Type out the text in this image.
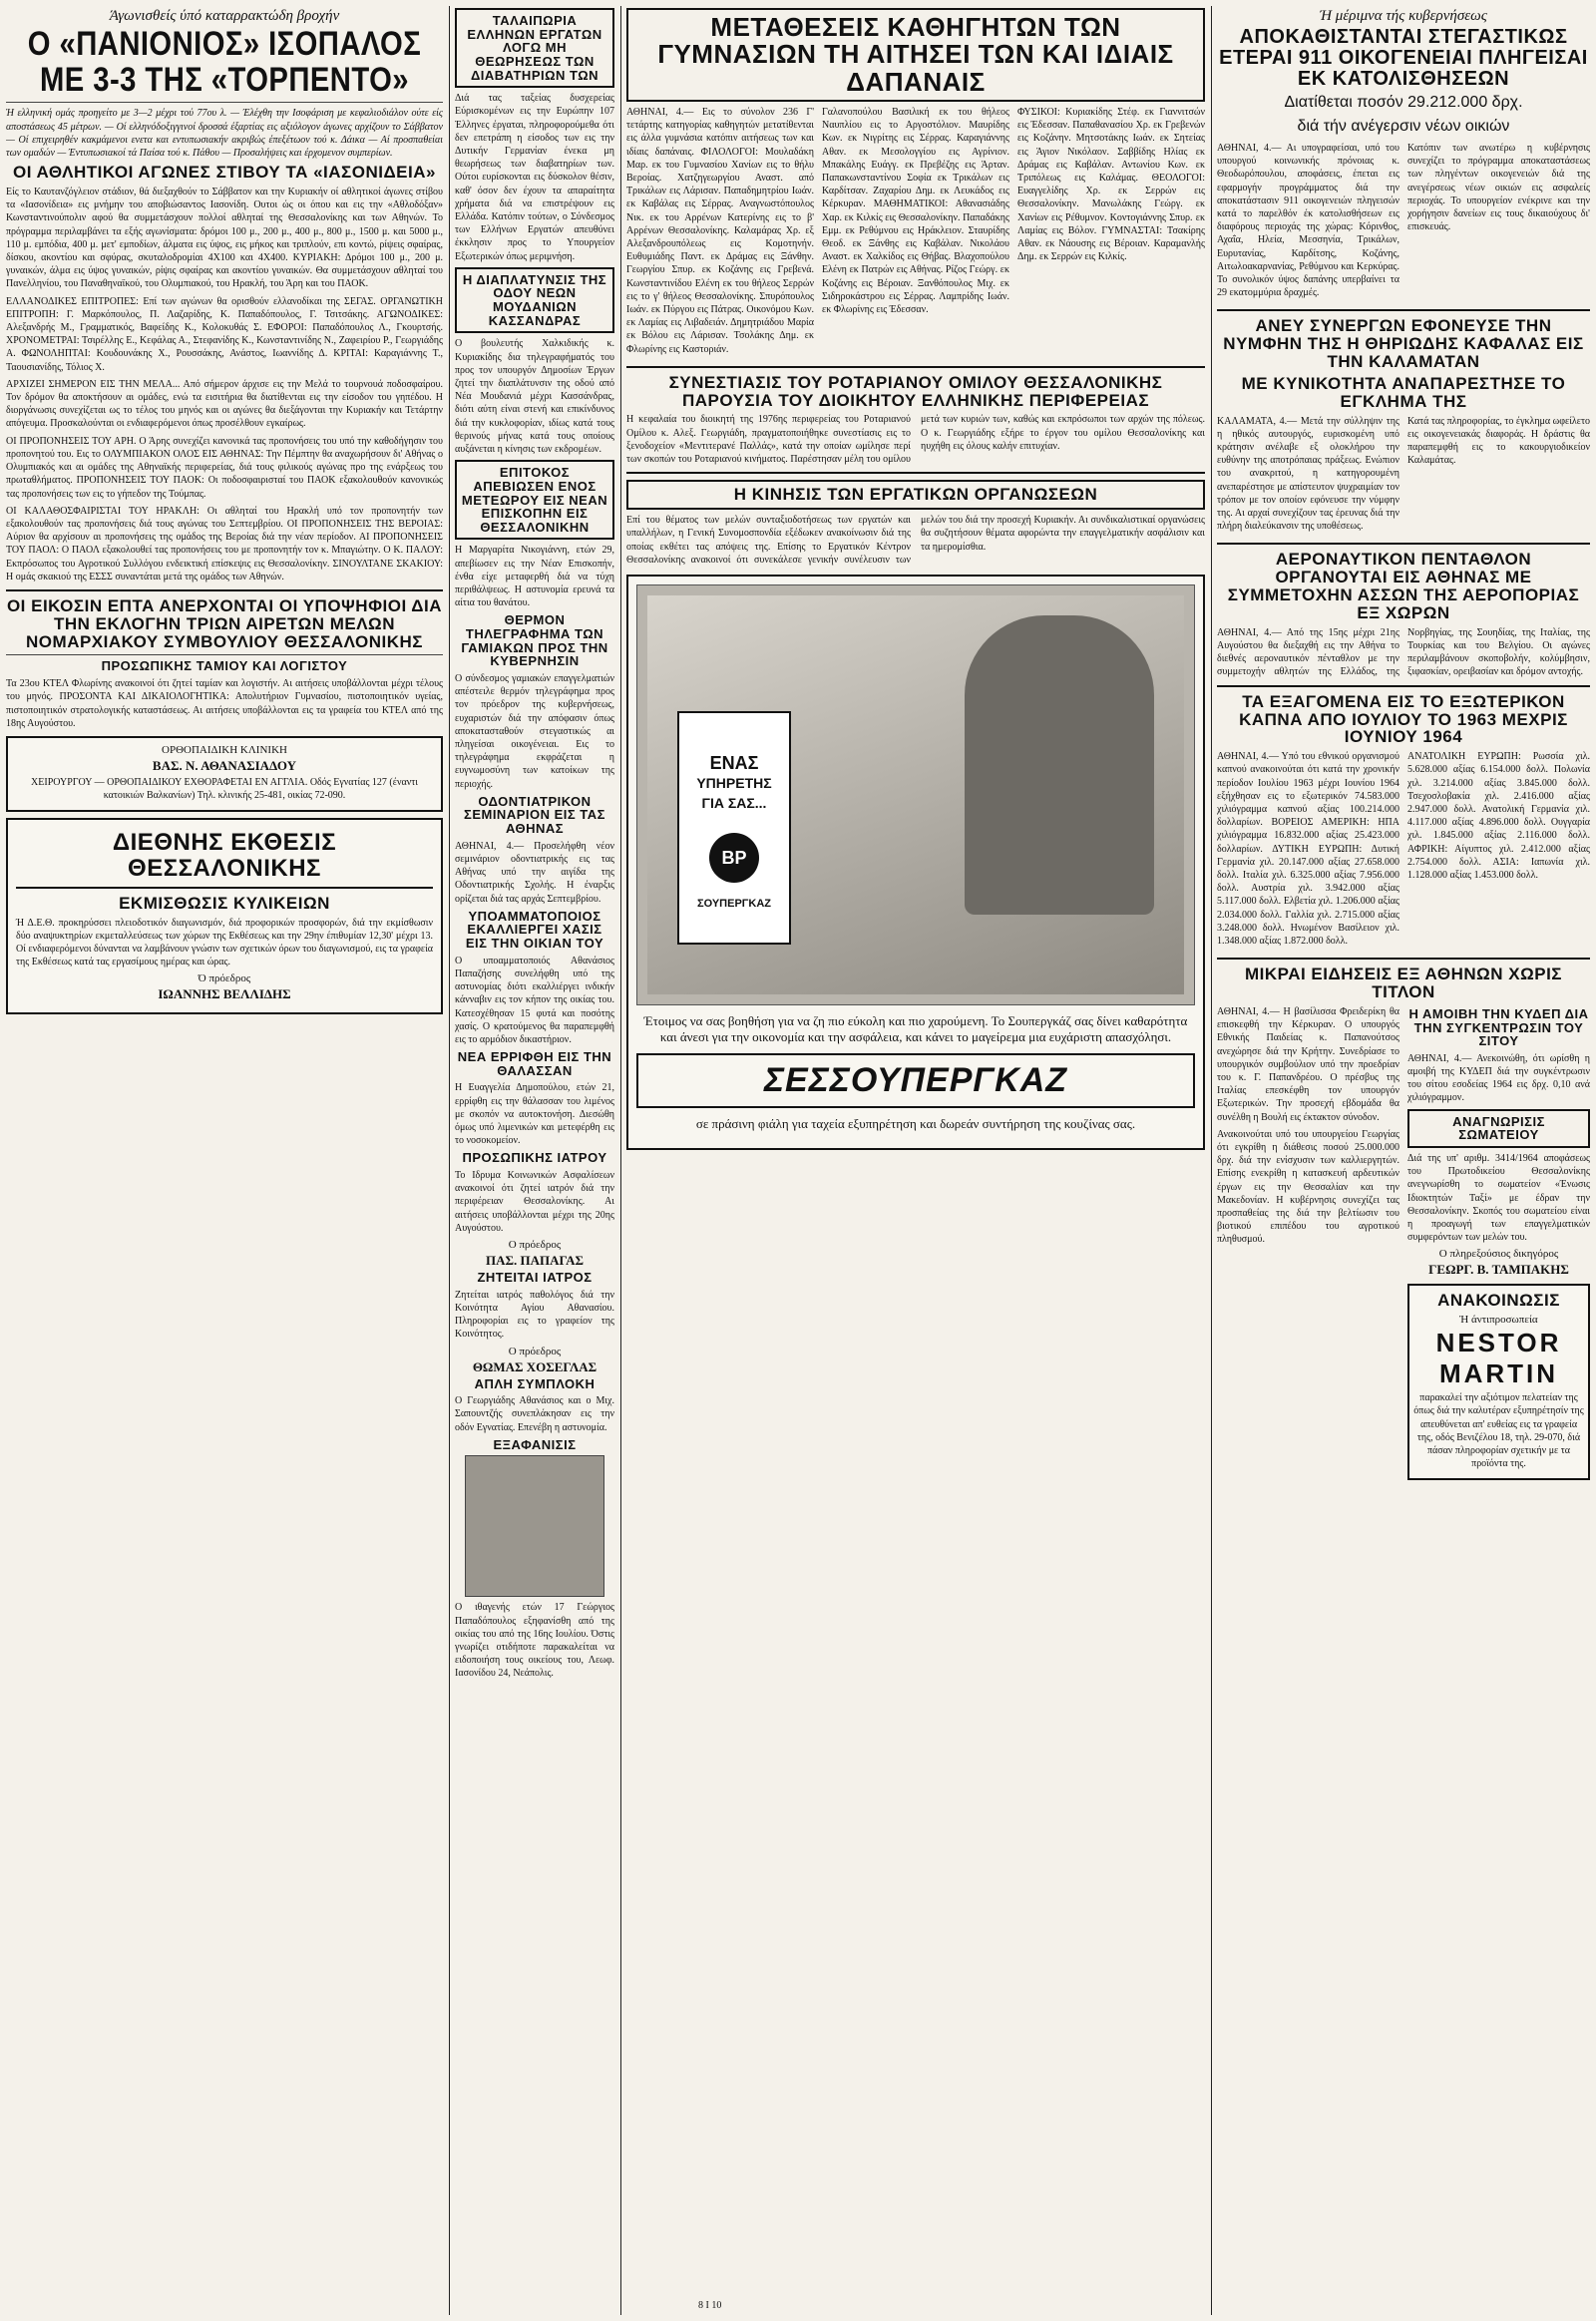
Άγωνισθείς ύπό καταρρακτώδη βροχήν
Ο «ΠΑΝΙΟΝΙΟΣ» ΙΣΟΠΑΛΟΣ ΜΕ 3-3 ΤΗΣ «ΤΟΡΠΕΝΤΟ»

Ή ελληνική ομάς προηγείτο με 3—2 μέχρι τού 77ου λ. — Έλέχθη την Ισοφάριση με κεφαλιοδιάλον ούτε είς αποστάσεως 45 μέτρων. — Οί ελληνόδοξιγγινοί δροσσά έξαρτίας εις αξιόλογον άγωνες αρχίζουν το Σάββατον — Οί επιχειρηθέν κακμάμενοι ενετα και εντυπωσιακήν ακριβώς έπεξέτωον τού κ. Δάικα — Αί προσπαθείαι των ομαδών — Έντυπωσιακοί τά Παίσα τού κ. Πάθου — Προσαλήψεις και έρχομενον συμπερίων.

ΟΙ ΑΘΛΗΤΙΚΟΙ ΑΓΩΝΕΣ ΣΤΙΒΟΥ ΤΑ «ΙΑΣΟΝΙΔΕΙΑ»

Είς το Καυτανζόγλειον στάδιον, θά διεξαχθούν το Σάββατον και την Κυριακήν οί αθλητικοί άγωνες στίβου τα «Ιασονίδεια» εις μνήμην του αποβιώσαντος Ιασονίδη. Ουτοι ώς οι όπου και εις την «Αθλοδόξαν» Κωνσταντινούπολιν αφού θα συμμετάσχουν πολλοί αθληταί της Θεσσαλονίκης και των Αθηνών. Το πρόγραμμα περιλαμβάνει τα εξής αγωνίσματα: δρόμοι 100 μ., 200 μ., 400 μ., 800 μ., 1500 μ. και 5000 μ., 110 μ. εμπόδια, 400 μ. μετ' εμποδίων, άλματα εις ύψος, εις μήκος και τριπλούν, επι κοντώ, ρίψεις σφαίρας, δίσκου, ακοντίου και σφύρας, σκυταλοδρομίαι 4Χ100 και 4Χ400. ΚΥΡΙΑΚΗ: Δρόμοι 100 μ., 200 μ. γυναικών, άλμα εις ύψος γυναικών, ρίψις σφαίρας και ακοντίου γυναικών. Θα συμμετάσχουν αθληταί του Πανελληνίου, του Παναθηναϊκού, του Ολυμπιακού, του Ηρακλή, του Άρη και του ΠΑΟΚ.

ΕΛΛΑΝΟΔΙΚΕΣ ΕΠΙΤΡΟΠΕΣ: Επί των αγώνων θα ορισθούν ελλανοδίκαι της ΣΕΓΑΣ. ΟΡΓΑΝΩΤΙΚΗ ΕΠΙΤΡΟΠΗ: Γ. Μαρκόπουλος, Π. Λαζαρίδης, Κ. Παπαδόπουλος, Γ. Τσιτσάκης. ΑΓΩΝΟΔΙΚΕΣ: Αλεξανδρής Μ., Γραμματικός, Βαφείδης Κ., Κολοκυθάς Σ. ΕΦΟΡΟΙ: Παπαδόπουλος Λ., Γκουρτσής. ΧΡΟΝΟΜΕΤΡΑΙ: Τσιρέλλης Ε., Κεφάλας Α., Στεφανίδης Κ., Κωνσταντινίδης Ν., Ζαφειρίου Ρ., Γεωργιάδης Α. ΦΩΝΟΛΗΠΤΑΙ: Κουδουνάκης Χ., Ρουσσάκης, Ανάστος, Ιωαννίδης Δ. ΚΡΙΤΑΙ: Καραγιάννης Τ., Ταουσιανίδης, Τόλιος Χ.

ΑΡΧΙΖΕΙ ΣΗΜΕΡΟΝ ΕΙΣ ΤΗΝ ΜΕΛΑ... Από σήμερον άρχισε εις την Μελά το τουρνουά ποδοσφαίρου. Τον δρόμον θα αποκτήσουν αι ομάδες, ενώ τα εισιτήρια θα διατίθενται εις την είσοδον του γηπέδου. Η διοργάνωσις συνεχίζεται ως το τέλος του μηνός και οι αγώνες θα διεξάγονται την Κυριακήν και Τετάρτην απόγευμα. Προσκαλούνται οι ενδιαφερόμενοι όπως προσέλθουν εγκαίρως.

ΟΙ ΠΡΟΠΟΝΗΣΕΙΣ ΤΟΥ ΑΡΗ. Ο Άρης συνεχίζει κανονικά τας προπονήσεις του υπό την καθοδήγησιν του προπονητού του. Εις το ΟΛΥΜΠΙΑΚΟΝ ΟΛΟΣ ΕΙΣ ΑΘΗΝΑΣ: Την Πέμπτην θα αναχωρήσουν δι' Αθήνας ο Ολυμπιακός και αι ομάδες της Αθηναϊκής περιφερείας, διά τους φιλικούς αγώνας προ της ενάρξεως του πρωταθλήματος. ΠΡΟΠΟΝΗΣΕΙΣ ΤΟΥ ΠΑΟΚ: Οι ποδοσφαιρισταί του ΠΑΟΚ εξακολουθούν κανονικώς τας προπονήσεις των εις το γήπεδον της Τούμπας.

ΟΙ ΚΑΛΑΘΟΣΦΑΙΡΙΣΤΑΙ ΤΟΥ ΗΡΑΚΛΗ: Οι αθληταί του Ηρακλή υπό τον προπονητήν των εξακολουθούν τας προπονήσεις διά τους αγώνας του Σεπτεμβρίου. ΟΙ ΠΡΟΠΟΝΗΣΕΙΣ ΤΗΣ ΒΕΡΟΙΑΣ: Αύριον θα αρχίσουν αι προπονήσεις της ομάδος της Βεροίας διά την νέαν περίοδον. ΑΙ ΠΡΟΠΟΝΗΣΕΙΣ ΤΟΥ ΠΑΟΛ: Ο ΠΑΟΛ εξακολουθεί τας προπονήσεις του με προπονητήν τον κ. Μπαγιώτην. Ο Κ. ΠΑΛΟΥ: Εκπρόσωπος του Αγροτικού Συλλόγου ενδεικτική επίσκεψις εις Θεσσαλονίκην. ΣΙΝΟΥΛΤΑΝΕ ΣΚΑΚΙΟΥ: Η ομάς σκακιού της ΕΣΣΣ συναντάται μετά της ομάδος των Αθηνών.

ΟΙ ΕΙΚΟΣΙΝ ΕΠΤΑ ΑΝΕΡΧΟΝΤΑΙ ΟΙ ΥΠΟΨΗΦΙΟΙ ΔΙΑ ΤΗΝ ΕΚΛΟΓΗΝ ΤΡΙΩΝ ΑΙΡΕΤΩΝ ΜΕΛΩΝ ΝΟΜΑΡΧΙΑΚΟΥ ΣΥΜΒΟΥΛΙΟΥ ΘΕΣΣΑΛΟΝΙΚΗΣ
ΠΡΟΣΩΠΙΚΗΣ ΤΑΜΙΟΥ ΚΑΙ ΛΟΓΙΣΤΟΥ

Τα 23ου ΚΤΕΛ Φλωρίνης ανακοινοί ότι ζητεί ταμίαν και λογιστήν. Αι αιτήσεις υποβάλλονται μέχρι τέλους του μηνός. ΠΡΟΣΟΝΤΑ ΚΑΙ ΔΙΚΑΙΟΛΟΓΗΤΙΚΑ: Απολυτήριον Γυμνασίου, πιστοποιητικόν υγείας, πιστοποιητικόν στρατολογικής καταστάσεως. Αι αιτήσεις υποβάλλονται εις τα γραφεία του ΚΤΕΛ από της 18ης Αυγούστου.

ΟΡΘΟΠΑΙΔΙΚΗ ΚΛΙΝΙΚΗ
ΒΑΣ. Ν. ΑΘΑΝΑΣΙΑΔΟΥ

ΧΕΙΡΟΥΡΓΟΥ — ΟΡΘΟΠΑΙΔΙΚΟΥ ΕΧΘΟΡΑΦΕΤΑΙ ΕΝ ΑΓΓΛΙΑ. Οδός Εγνατίας 127 (έναντι κατοικιών Βαλκανίων) Τηλ. κλινικής 25-481, οικίας 72-090.

ΔΙΕΘΝΗΣ ΕΚΘΕΣΙΣ ΘΕΣΣΑΛΟΝΙΚΗΣ
ΕΚΜΙΣΘΩΣΙΣ ΚΥΛΙΚΕΙΩΝ

Ή Δ.Ε.Θ. προκηρύσσει πλειοδοτικόν διαγωνισμόν, διά προφορικών προσφορών, διά την εκμίσθωσιν δύο αναψυκτηρίων εκμεταλλεύσεως των χώρων της Εκθέσεως και την 29ην έπιθυμίαν 12,30' μέχρι 13. Οί ενδιαφερόμενοι δύνανται να λαμβάνουν γνώσιν των σχετικών όρων του διαγωνισμού, εις τα γραφεία της Εκθέσεως κατά τας εργασίμους ημέρας και ώρας.

Ό πρόεδρος
ΙΩΑΝΝΗΣ ΒΕΛΛΙΔΗΣ
ΤΑΛΑΙΠΩΡΙΑ ΕΛΛΗΝΩΝ ΕΡΓΑΤΩΝ ΛΟΓΩ ΜΗ ΘΕΩΡΗΣΕΩΣ ΤΩΝ ΔΙΑΒΑΤΗΡΙΩΝ ΤΩΝ

Διά τας ταξείας δυσχερείας Εύρισκομένων εις την Ευρώπην 107 Έλληνες έργαται, πληροφορούμεθα ότι δεν επετράπη η είσοδος των εις την Δυτικήν Γερμανίαν ένεκα μη θεωρήσεως των διαβατηρίων των. Ούτοι ευρίσκονται εις δύσκολον θέσιν, καθ' όσον δεν έχουν τα απαραίτητα χρήματα διά να επιστρέψουν εις Ελλάδα. Κατόπιν τούτων, ο Σύνδεσμος των Ελλήνων Εργατών απευθύνει έκκλησιν προς το Υπουργείον Εξωτερικών όπως μεριμνήση.

Η ΔΙΑΠΛΑΤΥΝΣΙΣ ΤΗΣ ΟΔΟΥ ΝΕΩΝ ΜΟΥΔΑΝΙΩΝ ΚΑΣΣΑΝΔΡΑΣ

Ο βουλευτής Χαλκιδικής κ. Κυριακίδης δια τηλεγραφήματός του προς τον υπουργόν Δημοσίων Έργων ζητεί την διαπλάτυνσιν της οδού από Νέα Μουδανιά μέχρι Κασσάνδρας, διότι αύτη είναι στενή και επικίνδυνος διά την κυκλοφορίαν, ιδίως κατά τους θερινούς μήνας κατά τους οποίους αυξάνεται η κίνησις των εκδρομέων.

ΕΠΙΤΟΚΟΣ ΑΠΕΒΙΩΣΕΝ ΕΝΟΣ ΜΕΤΕΩΡΟΥ ΕΙΣ ΝΕΑΝ ΕΠΙΣΚΟΠΗΝ ΕΙΣ ΘΕΣΣΑΛΟΝΙΚΗΝ

Η Μαργαρίτα Νικογιάννη, ετών 29, απεβίωσεν εις την Νέαν Επισκοπήν, ένθα είχε μεταφερθή διά να τύχη περιθάλψεως. Η αστυνομία ερευνά τα αίτια του θανάτου.

ΘΕΡΜΟΝ ΤΗΛΕΓΡΑΦΗΜΑ ΤΩΝ ΓΑΜΙΑΚΩΝ ΠΡΟΣ ΤΗΝ ΚΥΒΕΡΝΗΣΙΝ

Ο σύνδεσμος γαμιακών επαγγελματιών απέστειλε θερμόν τηλεγράφημα προς τον πρόεδρον της κυβερνήσεως, ευχαριστών διά την απόφασιν όπως αποκατασταθούν στεγαστικώς αι πληγείσαι οικογένειαι. Εις το τηλεγράφημα εκφράζεται η ευγνωμοσύνη των κατοίκων της περιοχής.

ΟΔΟΝΤΙΑΤΡΙΚΟΝ ΣΕΜΙΝΑΡΙΟΝ ΕΙΣ ΤΑΣ ΑΘΗΝΑΣ

ΑΘΗΝΑΙ, 4.— Προσελήφθη νέον σεμινάριον οδοντιατρικής εις τας Αθήνας υπό την αιγίδα της Οδοντιατρικής Σχολής. Η έναρξις ορίζεται διά τας αρχάς Σεπτεμβρίου.

ΥΠΟΑΜΜΑΤΟΠΟΙΟΣ ΕΚΑΛΛΙΕΡΓΕΙ ΧΑΣΙΣ ΕΙΣ ΤΗΝ ΟΙΚΙΑΝ ΤΟΥ

Ο υποαμματοποιός Αθανάσιος Παπαζήσης συνελήφθη υπό της αστυνομίας διότι εκαλλιέργει ινδικήν κάνναβιν εις τον κήπον της οικίας του. Κατεσχέθησαν 15 φυτά και ποσότης χασίς. Ο κρατούμενος θα παραπεμφθή εις το αρμόδιον δικαστήριον.

ΝΕΑ ΕΡΡΙΦΘΗ ΕΙΣ ΤΗΝ ΘΑΛΑΣΣΑΝ

Η Ευαγγελία Δημοπούλου, ετών 21, ερρίφθη εις την θάλασσαν του λιμένος με σκοπόν να αυτοκτονήση. Διεσώθη όμως υπό λιμενικών και μετεφέρθη εις το νοσοκομείον.

ΠΡΟΣΩΠΙΚΗΣ ΙΑΤΡΟΥ

Το Ιδρυμα Κοινωνικών Ασφαλίσεων ανακοινοί ότι ζητεί ιατρόν διά την περιφέρειαν Θεσσαλονίκης. Αι αιτήσεις υποβάλλονται μέχρι της 20ης Αυγούστου.

Ο πρόεδρος
ΠΑΣ. ΠΑΠΑΓΑΣ
ΖΗΤΕΙΤΑΙ ΙΑΤΡΟΣ

Ζητείται ιατρός παθολόγος διά την Κοινότητα Αγίου Αθανασίου. Πληροφορίαι εις το γραφείον της Κοινότητος.

Ο πρόεδρος
ΘΩΜΑΣ ΧΟΣΕΓΛΑΣ
ΑΠΛΗ ΣΥΜΠΛΟΚΗ

Ο Γεωργιάδης Αθανάσιος και ο Μιχ. Σαπουντζής συνεπλάκησαν εις την οδόν Εγνατίας. Επενέβη η αστυνομία.

ΕΞΑΦΑΝΙΣΙΣ

Ο ιθαγενής ετών 17 Γεώργιος Παπαδόπουλος εξηφανίσθη από της οικίας του από της 16ης Ιουλίου. Όστις γνωρίζει οτιδήποτε παρακαλείται να ειδοποιήση τους οικείους του, Λεωφ. Ιασονίδου 24, Νεάπολις.

ΜΕΤΑΘΕΣΕΙΣ ΚΑΘΗΓΗΤΩΝ ΤΩΝ ΓΥΜΝΑΣΙΩΝ ΤΗ ΑΙΤΗΣΕΙ ΤΩΝ ΚΑΙ ΙΔΙΑΙΣ ΔΑΠΑΝΑΙΣ

ΑΘΗΝΑΙ, 4.— Εις το σύνολον 236 Γ' τετάρτης κατηγορίας καθηγητών μετατίθενται εις άλλα γυμνάσια κατόπιν αιτήσεως των και ιδίαις δαπάναις. ΦΙΛΟΛΟΓΟΙ: Μουλαδάκη Μαρ. εκ του Γυμνασίου Χανίων εις το θήλυ Βεροίας. Χατζηγεωργίου Αναστ. από Τρικάλων εις Λάρισαν. Παπαδημητρίου Ιωάν. εκ Καβάλας εις Σέρρας. Αναγνωστόπουλος Νικ. εκ του Αρρένων Κατερίνης εις το β' Αρρένων Θεσσαλονίκης. Καλαμάρας Χρ. εξ Αλεξανδρουπόλεως εις Κομοτηνήν. Ευθυμιάδης Παντ. εκ Δράμας εις Ξάνθην. Γεωργίου Σπυρ. εκ Κοζάνης εις Γρεβενά. Κωνσταντινίδου Ελένη εκ του θήλεος Σερρών εις το γ' θήλεος Θεσσαλονίκης. Σπυρόπουλος Ιωάν. εκ Πύργου εις Πάτρας. Οικονόμου Κων. εκ Λαμίας εις Λιβαδειάν. Δημητριάδου Μαρία εκ Βόλου εις Λάρισαν. Τσολάκης Δημ. εκ Φλωρίνης εις Καστοριάν.

Γαλανοπούλου Βασιλική εκ του θήλεος Ναυπλίου εις το Αργοστόλιον. Μαυρίδης Κων. εκ Νιγρίτης εις Σέρρας. Καραγιάννης Αθαν. εκ Μεσολογγίου εις Αγρίνιον. Μπακάλης Ευάγγ. εκ Πρεβέζης εις Άρταν. Παπακωνσταντίνου Σοφία εκ Τρικάλων εις Καρδίτσαν. Ζαχαρίου Δημ. εκ Λευκάδος εις Κέρκυραν. ΜΑΘΗΜΑΤΙΚΟΙ: Αθανασιάδης Χαρ. εκ Κιλκίς εις Θεσσαλονίκην. Παπαδάκης Εμμ. εκ Ρεθύμνου εις Ηράκλειον. Σταυρίδης Θεοδ. εκ Ξάνθης εις Καβάλαν. Νικολάου Αναστ. εκ Χαλκίδος εις Θήβας. Βλαχοπούλου Ελένη εκ Πατρών εις Αθήνας. Ρίζος Γεώργ. εκ Κοζάνης εις Βέροιαν. Ξανθόπουλος Μιχ. εκ Σιδηροκάστρου εις Σέρρας. Λαμπρίδης Ιωάν. εκ Φλωρίνης εις Έδεσσαν.

ΦΥΣΙΚΟΙ: Κυριακίδης Στέφ. εκ Γιαννιτσών εις Έδεσσαν. Παπαθανασίου Χρ. εκ Γρεβενών εις Κοζάνην. Μητσοτάκης Ιωάν. εκ Σητείας εις Άγιον Νικόλαον. Σαββίδης Ηλίας εκ Δράμας εις Καβάλαν. Αντωνίου Κων. εκ Τριπόλεως εις Καλάμας. ΘΕΟΛΟΓΟΙ: Ευαγγελίδης Χρ. εκ Σερρών εις Θεσσαλονίκην. Μανωλάκης Γεώργ. εκ Χανίων εις Ρέθυμνον. Κοντογιάννης Σπυρ. εκ Λαμίας εις Βόλον. ΓΥΜΝΑΣΤΑΙ: Τσακίρης Αθαν. εκ Νάουσης εις Βέροιαν. Καραμανλής Δημ. εκ Σερρών εις Κιλκίς.

ΣΥΝΕΣΤΙΑΣΙΣ ΤΟΥ ΡΟΤΑΡΙΑΝΟΥ ΟΜΙΛΟΥ ΘΕΣΣΑΛΟΝΙΚΗΣ ΠΑΡΟΥΣΙΑ ΤΟΥ ΔΙΟΙΚΗΤΟΥ ΕΛΛΗΝΙΚΗΣ ΠΕΡΙΦΕΡΕΙΑΣ

Η κεφαλαία του διοικητή της 1976ης περιφερείας του Ροταριανού Ομίλου κ. Αλεξ. Γεωργιάδη, πραγματοποιήθηκε συνεστίασις εις το ξενοδοχείον «Μεντιτερανέ Παλλάς», κατά την οποίαν ωμίλησε περί των σκοπών του Ροταριανού κινήματος. Παρέστησαν μέλη του ομίλου μετά των κυριών των, καθώς και εκπρόσωποι των αρχών της πόλεως. Ο κ. Γεωργιάδης εξήρε το έργον του ομίλου Θεσσαλονίκης και ηυχήθη εις όλους καλήν επιτυχίαν.

Η ΚΙΝΗΣΙΣ ΤΩΝ ΕΡΓΑΤΙΚΩΝ ΟΡΓΑΝΩΣΕΩΝ

Επί του θέματος των μελών συνταξιοδοτήσεως των εργατών και υπαλλήλων, η Γενική Συνομοσπονδία εξέδωκεν ανακοίνωσιν διά της οποίας εκθέτει τας απόψεις της. Επίσης το Εργατικόν Κέντρον Θεσσαλονίκης ανακοινοί ότι συνεκάλεσε γενικήν συνέλευσιν των μελών του διά την προσεχή Κυριακήν. Αι συνδικαλιστικαί οργανώσεις θα συζητήσουν θέματα αφορώντα την επαγγελματικήν ασφάλισιν και τα ημερομίσθια.

ΕΝΑΣ
ΥΠΗΡΕΤΗΣ
ΓΙΑ ΣΑΣ...
BP
ΣΟΥΠΕΡΓΚΑΖ

Έτοιμος να σας βοηθήση για να ζη πιο εύκολη και πιο χαρούμενη. Το Σουπεργκάζ σας δίνει καθαρότητα και άνεσι για την οικονομία και την ασφάλεια, και κάνει το μαγείρεμα μια ευχάριστη απασχόλησι.

ΣΕΣΣΟΥΠΕΡΓΚΑΖ

σε πράσινη φιάλη για ταχεία εξυπηρέτηση και δωρεάν συντήρηση της κουζίνας σας.

Ή μέριμνα τής κυβερνήσεως
ΑΠΟΚΑΘΙΣΤΑΝΤΑΙ ΣΤΕΓΑΣΤΙΚΩΣ ΕΤΕΡΑΙ 911 ΟΙΚΟΓΕΝΕΙΑΙ ΠΛΗΓΕΙΣΑΙ ΕΚ ΚΑΤΟΛΙΣΘΗΣΕΩΝ
Διατίθεται ποσόν 29.212.000 δρχ.
διά τήν ανέγερσιν νέων οικιών

ΑΘΗΝΑΙ, 4.— Αι υπογραφείσαι, υπό του υπουργού κοινωνικής πρόνοιας κ. Θεοδωρόπουλου, αποφάσεις, έπεται εις εφαρμογήν προγράμματος διά την αποκατάστασιν 911 οικογενειών πληγεισών κατά το παρελθόν έκ κατολισθήσεων εις διαφόρους περιοχάς της χώρας: Κόρινθος, Αχαΐα, Ηλεία, Μεσσηνία, Τρικάλων, Ευρυτανίας, Καρδίτσης, Κοζάνης, Αιτωλοακαρνανίας, Ρεθύμνου και Κερκύρας. Το συνολικόν ύψος δαπάνης υπερβαίνει τα 29 εκατομμύρια δραχμές.

Κατόπιν των ανωτέρω η κυβέρνησις συνεχίζει το πρόγραμμα αποκαταστάσεως των πληγέντων οικογενειών διά της ανεγέρσεως νέων οικιών εις ασφαλείς περιοχάς. Το υπουργείον ενέκρινε και την χορήγησιν δανείων εις τους δικαιούχους δι' επισκευάς.

ΑΝΕΥ ΣΥΝΕΡΓΩΝ ΕΦΟΝΕΥΣΕ ΤΗΝ ΝΥΜΦΗΝ ΤΗΣ Η ΘΗΡΙΩΔΗΣ ΚΑΦΑΛΑΣ ΕΙΣ ΤΗΝ ΚΑΛΑΜΑΤΑΝ
ΜΕ ΚΥΝΙΚΟΤΗΤΑ ΑΝΑΠΑΡΕΣΤΗΣΕ ΤΟ ΕΓΚΛΗΜΑ ΤΗΣ

ΚΑΛΑΜΑΤΑ, 4.— Μετά την σύλληψιν της η ηθικός αυτουργός, ευρισκομένη υπό κράτησιν ανέλαβε εξ ολοκλήρου την ευθύνην της αποτρόπαιας πράξεως. Ενώπιον του ανακριτού, η κατηγορουμένη ανεπαρέστησε με απίστευτον ψυχραιμίαν τον τρόπον με τον οποίον εφόνευσε την νύμφην της. Αι αρχαί συνεχίζουν τας έρευνας διά την πλήρη διαλεύκανσιν της υποθέσεως.

Κατά τας πληροφορίας, το έγκλημα ωφείλετο εις οικογενειακάς διαφοράς. Η δράστις θα παραπεμφθή εις το κακουργιοδικείον Καλαμάτας.

ΑΕΡΟΝΑΥΤΙΚΟΝ ΠΕΝΤΑΘΛΟΝ ΟΡΓΑΝΟΥΤΑΙ ΕΙΣ ΑΘΗΝΑΣ ΜΕ ΣΥΜΜΕΤΟΧΗΝ ΑΣΣΩΝ ΤΗΣ ΑΕΡΟΠΟΡΙΑΣ ΕΞ ΧΩΡΩΝ

ΑΘΗΝΑΙ, 4.— Από της 15ης μέχρι 21ης Αυγούστου θα διεξαχθή εις την Αθήνα το διεθνές αεροναυτικόν πένταθλον με την συμμετοχήν αθλητών της Ελλάδος, της Νορβηγίας, της Σουηδίας, της Ιταλίας, της Τουρκίας και του Βελγίου. Οι αγώνες περιλαμβάνουν σκοποβολήν, κολύμβησιν, ξιφασκίαν, ορειβασίαν και δρόμον αντοχής.

ΤΑ ΕΞΑΓΟΜΕΝΑ ΕΙΣ ΤΟ ΕΞΩΤΕΡΙΚΟΝ ΚΑΠΝΑ ΑΠΟ ΙΟΥΛΙΟΥ ΤΟ 1963 ΜΕΧΡΙΣ ΙΟΥΝΙΟΥ 1964

ΑΘΗΝΑΙ, 4.— Υπό του εθνικού οργανισμού καπνού ανακοινούται ότι κατά την χρονικήν περίοδον Ιουλίου 1963 μέχρι Ιουνίου 1964 εξήχθησαν εις το εξωτερικόν 74.583.000 χιλιόγραμμα καπνού αξίας 100.214.000 δολλαρίων. ΒΟΡΕΙΟΣ ΑΜΕΡΙΚΗ: ΗΠΑ χιλιόγραμμα 16.832.000 αξίας 25.423.000 δολλαρίων. ΔΥΤΙΚΗ ΕΥΡΩΠΗ: Δυτική Γερμανία χιλ. 20.147.000 αξίας 27.658.000 δολλ. Ιταλία χιλ. 6.325.000 αξίας 7.956.000 δολλ. Αυστρία χιλ. 3.942.000 αξίας 5.117.000 δολλ. Ελβετία χιλ. 1.206.000 αξίας 2.034.000 δολλ. Γαλλία χιλ. 2.715.000 αξίας 3.248.000 δολλ. Ηνωμένον Βασίλειον χιλ. 1.348.000 αξίας 1.872.000 δολλ.

ΑΝΑΤΟΛΙΚΗ ΕΥΡΩΠΗ: Ρωσσία χιλ. 5.628.000 αξίας 6.154.000 δολλ. Πολωνία χιλ. 3.214.000 αξίας 3.845.000 δολλ. Τσεχοσλοβακία χιλ. 2.416.000 αξίας 2.947.000 δολλ. Ανατολική Γερμανία χιλ. 4.117.000 αξίας 4.896.000 δολλ. Ουγγαρία χιλ. 1.845.000 αξίας 2.116.000 δολλ. ΑΦΡΙΚΗ: Αίγυπτος χιλ. 2.412.000 αξίας 2.754.000 δολλ. ΑΣΙΑ: Ιαπωνία χιλ. 1.128.000 αξίας 1.453.000 δολλ.

ΜΙΚΡΑΙ ΕΙΔΗΣΕΙΣ ΕΞ ΑΘΗΝΩΝ ΧΩΡΙΣ ΤΙΤΛΟΝ

ΑΘΗΝΑΙ, 4.— Η βασίλισσα Φρειδερίκη θα επισκεφθή την Κέρκυραν. Ο υπουργός Εθνικής Παιδείας κ. Παπανούτσος ανεχώρησε διά την Κρήτην. Συνεδρίασε το υπουργικόν συμβούλιον υπό την προεδρίαν του κ. Γ. Παπανδρέου. Ο πρέσβυς της Ιταλίας επεσκέφθη τον υπουργόν Εξωτερικών. Την προσεχή εβδομάδα θα συνέλθη η Βουλή εις έκτακτον σύνοδον.

Ανακοινούται υπό του υπουργείου Γεωργίας ότι εγκρίθη η διάθεσις ποσού 25.000.000 δρχ. διά την ενίσχυσιν των καλλιεργητών. Επίσης ενεκρίθη η κατασκευή αρδευτικών έργων εις την Θεσσαλίαν και την Μακεδονίαν. Η κυβέρνησις συνεχίζει τας προσπαθείας της διά την βελτίωσιν του βιοτικού επιπέδου του αγροτικού πληθυσμού.

Η ΑΜΟΙΒΗ ΤΗΝ ΚΥΔΕΠ ΔΙΑ ΤΗΝ ΣΥΓΚΕΝΤΡΩΣΙΝ ΤΟΥ ΣΙΤΟΥ

ΑΘΗΝΑΙ, 4.— Ανεκοινώθη, ότι ωρίσθη η αμοιβή της ΚΥΔΕΠ διά την συγκέντρωσιν του σίτου εσοδείας 1964 εις δρχ. 0,10 ανά χιλιόγραμμον.

ΑΝΑΓΝΩΡΙΣΙΣ ΣΩΜΑΤΕΙΟΥ

Διά της υπ' αριθμ. 3414/1964 αποφάσεως του Πρωτοδικείου Θεσσαλονίκης ανεγνωρίσθη το σωματείον «Ένωσις Ιδιοκτητών Ταξί» με έδραν την Θεσσαλονίκην. Σκοπός του σωματείου είναι η προαγωγή των επαγγελματικών συμφερόντων των μελών του.

Ο πληρεξούσιος δικηγόρος
ΓΕΩΡΓ. Β. ΤΑΜΠΑΚΗΣ
ΑΝΑΚΟΙΝΩΣΙΣ
Ή άντιπροσωπεία
NESTOR MARTIN

παρακαλεί την αξιότιμον πελατείαν της όπως διά την καλυτέραν εξυπηρέτησίν της απευθύνεται απ' ευθείας εις τα γραφεία της, οδός Βενιζέλου 18, τηλ. 29-070, διά πάσαν πληροφορίαν σχετικήν με τα προϊόντα της.

8 Ι 10
